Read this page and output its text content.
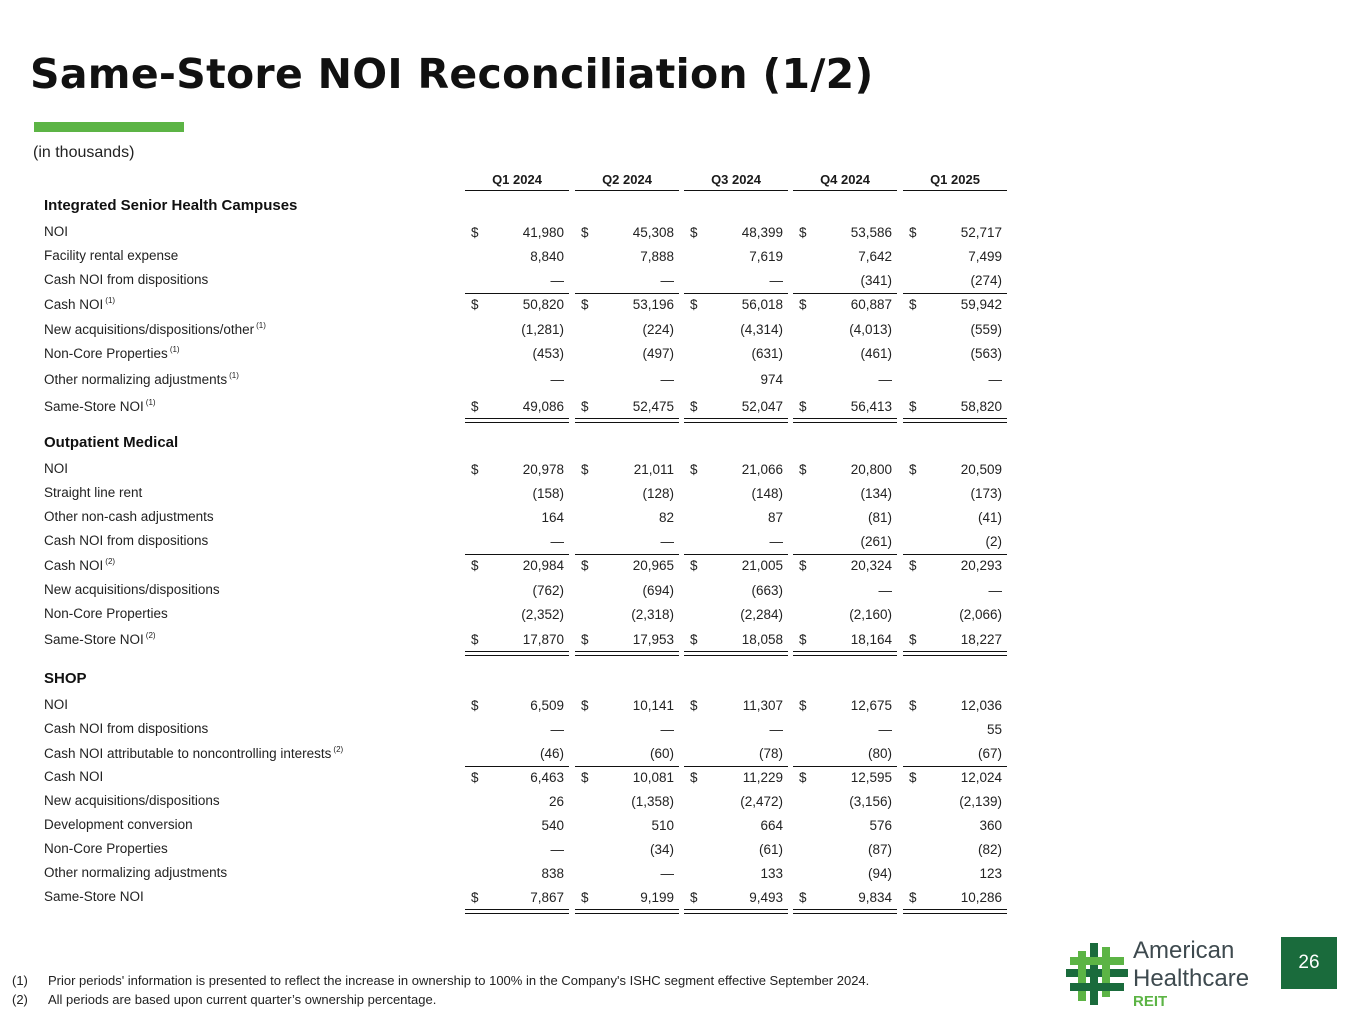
Same-Store NOI Reconciliation (1/2)
(in thousands)
Q1 2024	Q2 2024	Q3 2024	Q4 2024	Q1 2025
Integrated Senior Health Campuses
NOI	$	41,980 $	45,308 $	48,399 $	53,586 $	52,717
Facility rental expense	8,840	7,888	7,619	7,642	7,499
Cash NOI from dispositions	—	—	—	(341)	(274)
Cash NOI $^{(1)}$	$	50,820 $	53,196 $	56,018 $	60,887 $	59,942
New acquisitions/dispositions/other $^{(1)}$	(1,281)	(224)	(4,314)	(4,013)	(559)
Non-Core Properties $^{(1)}$	(453)	(497)	(631)	(461)	(563)
Other normalizing adjustments $^{(1)}$	—	—	974	—	—
Same-Store NOI $^{(1)}$	$	49,086 $	52,475 $	52,047 $	56,413 $	58,820
Outpatient Medical
NOI	$	20,978 $	21,011 $	21,066 $	20,800 $	20,509
Straight line rent	(158)	(128)	(148)	(134)	(173)
Other non-cash adjustments	164	82	87	(81)	(41)
Cash NOI from dispositions	—	—	—	(261)	(2)
Cash NOI $^{(2)}$	$	20,984 $	20,965 $	21,005 $	20,324 $	20,293
New acquisitions/dispositions	(762)	(694)	(663)	—	—
Non-Core Properties	(2,352)	(2,318)	(2,284)	(2,160)	(2,066)
Same-Store NOI $^{(2)}$	$	17,870 $	17,953 $	18,058 $	18,164 $	18,227
SHOP
NOI	$	6,509 $	10,141 $	11,307 $	12,675 $	12,036
Cash NOI from dispositions	—	—	—	—	55
Cash NOI attributable to noncontrolling interests $^{(2)}$	(46)	(60)	(78)	(80)	(67)
Cash NOI	$	6,463 $	10,081 $	11,229 $	12,595 $	12,024
New acquisitions/dispositions	26	(1,358)	(2,472)	(3,156)	(2,139)
Development conversion	540	510	664	576	360
Non-Core Properties	—	(34)	(61)	(87)	(82)
Other normalizing adjustments	838	—	133	(94)	123
Same-Store NOI	$	7,867 $	9,199 $	9,493 $	9,834 $	10,286
(1) Prior periods' information is presented to reflect the increase in ownership to 100% in the Company's ISHC segment effective September 2024.
(2) All periods are based upon current quarter’s ownership percentage.
American
Healthcare
REIT
26
